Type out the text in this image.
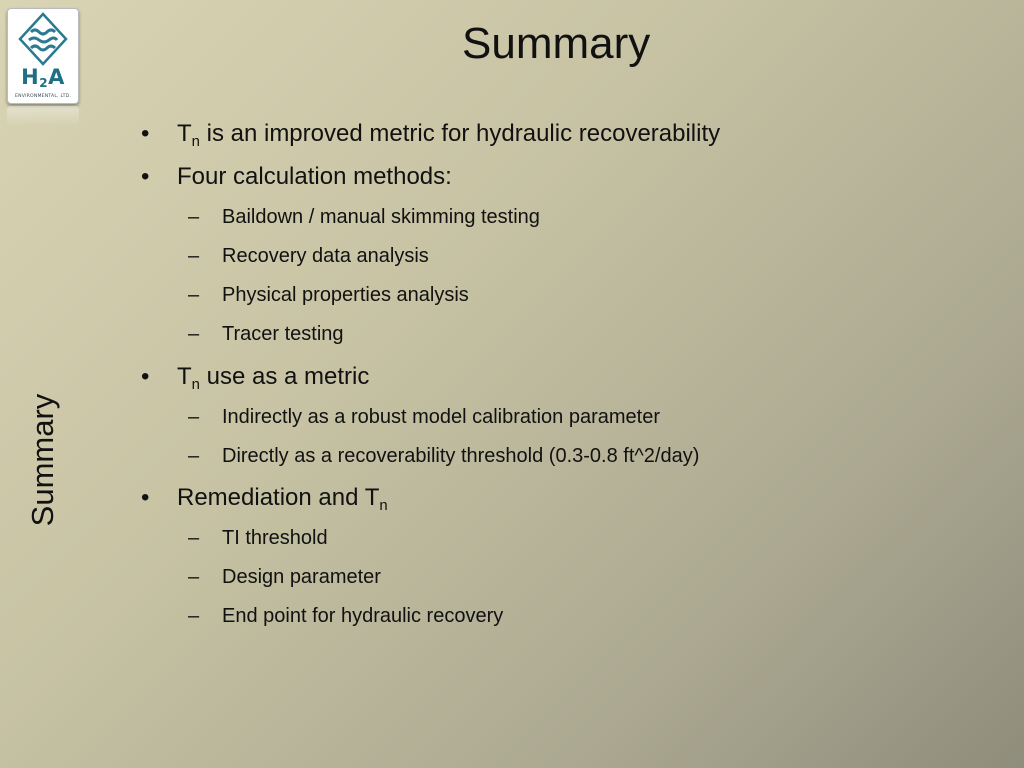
$H_2A$
ENVIRONMENTAL, LTD.
Summary
Summary
• $T_n$ is an improved metric for hydraulic recoverability
• Four calculation methods:
– Baildown / manual skimming testing
– Recovery data analysis
– Physical properties analysis
– Tracer testing
• $T_n$ use as a metric
– Indirectly as a robust model calibration parameter
– Directly as a recoverability threshold (0.3-0.8 ft^2/day)
• Remediation and $T_n$
– TI threshold
– Design parameter
– End point for hydraulic recovery
